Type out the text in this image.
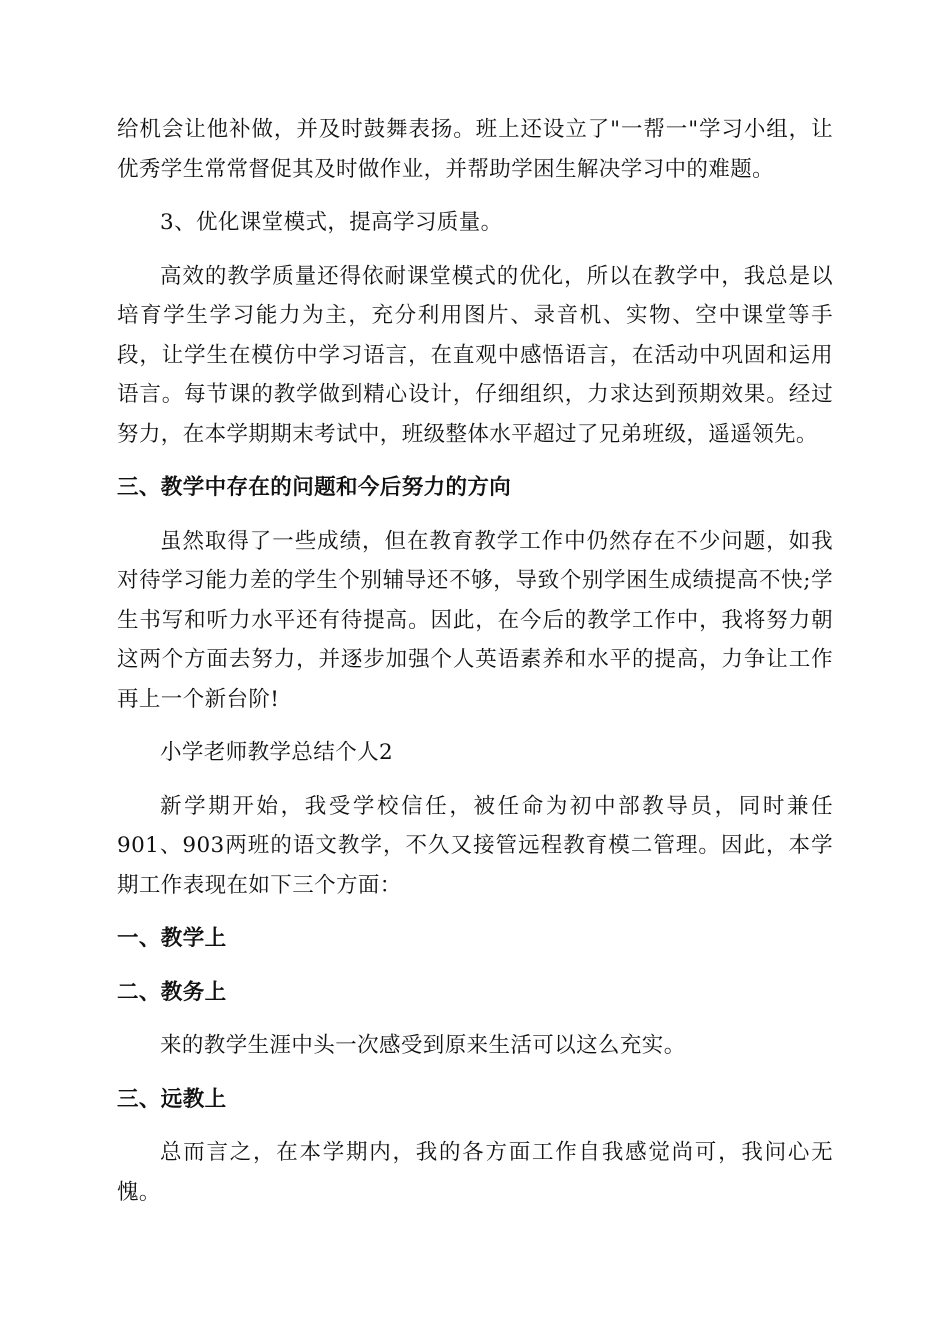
给机会让他补做，并及时鼓舞表扬。班上还设立了"一帮一"学习小组，让优秀学生常常督促其及时做作业，并帮助学困生解决学习中的难题。

3、优化课堂模式，提高学习质量。

高效的教学质量还得依耐课堂模式的优化，所以在教学中，我总是以培育学生学习能力为主，充分利用图片、录音机、实物、空中课堂等手段，让学生在模仿中学习语言，在直观中感悟语言，在活动中巩固和运用语言。每节课的教学做到精心设计，仔细组织，力求达到预期效果。经过努力，在本学期期末考试中，班级整体水平超过了兄弟班级，遥遥领先。

三、教学中存在的问题和今后努力的方向

虽然取得了一些成绩，但在教育教学工作中仍然存在不少问题，如我对待学习能力差的学生个别辅导还不够，导致个别学困生成绩提高不快;学生书写和听力水平还有待提高。因此，在今后的教学工作中，我将努力朝这两个方面去努力，并逐步加强个人英语素养和水平的提高，力争让工作再上一个新台阶!

小学老师教学总结个人2

新学期开始，我受学校信任，被任命为初中部教导员，同时兼任901、903两班的语文教学，不久又接管远程教育模二管理。因此，本学期工作表现在如下三个方面：

一、教学上

二、教务上

来的教学生涯中头一次感受到原来生活可以这么充实。

三、远教上

总而言之，在本学期内，我的各方面工作自我感觉尚可，我问心无愧。
